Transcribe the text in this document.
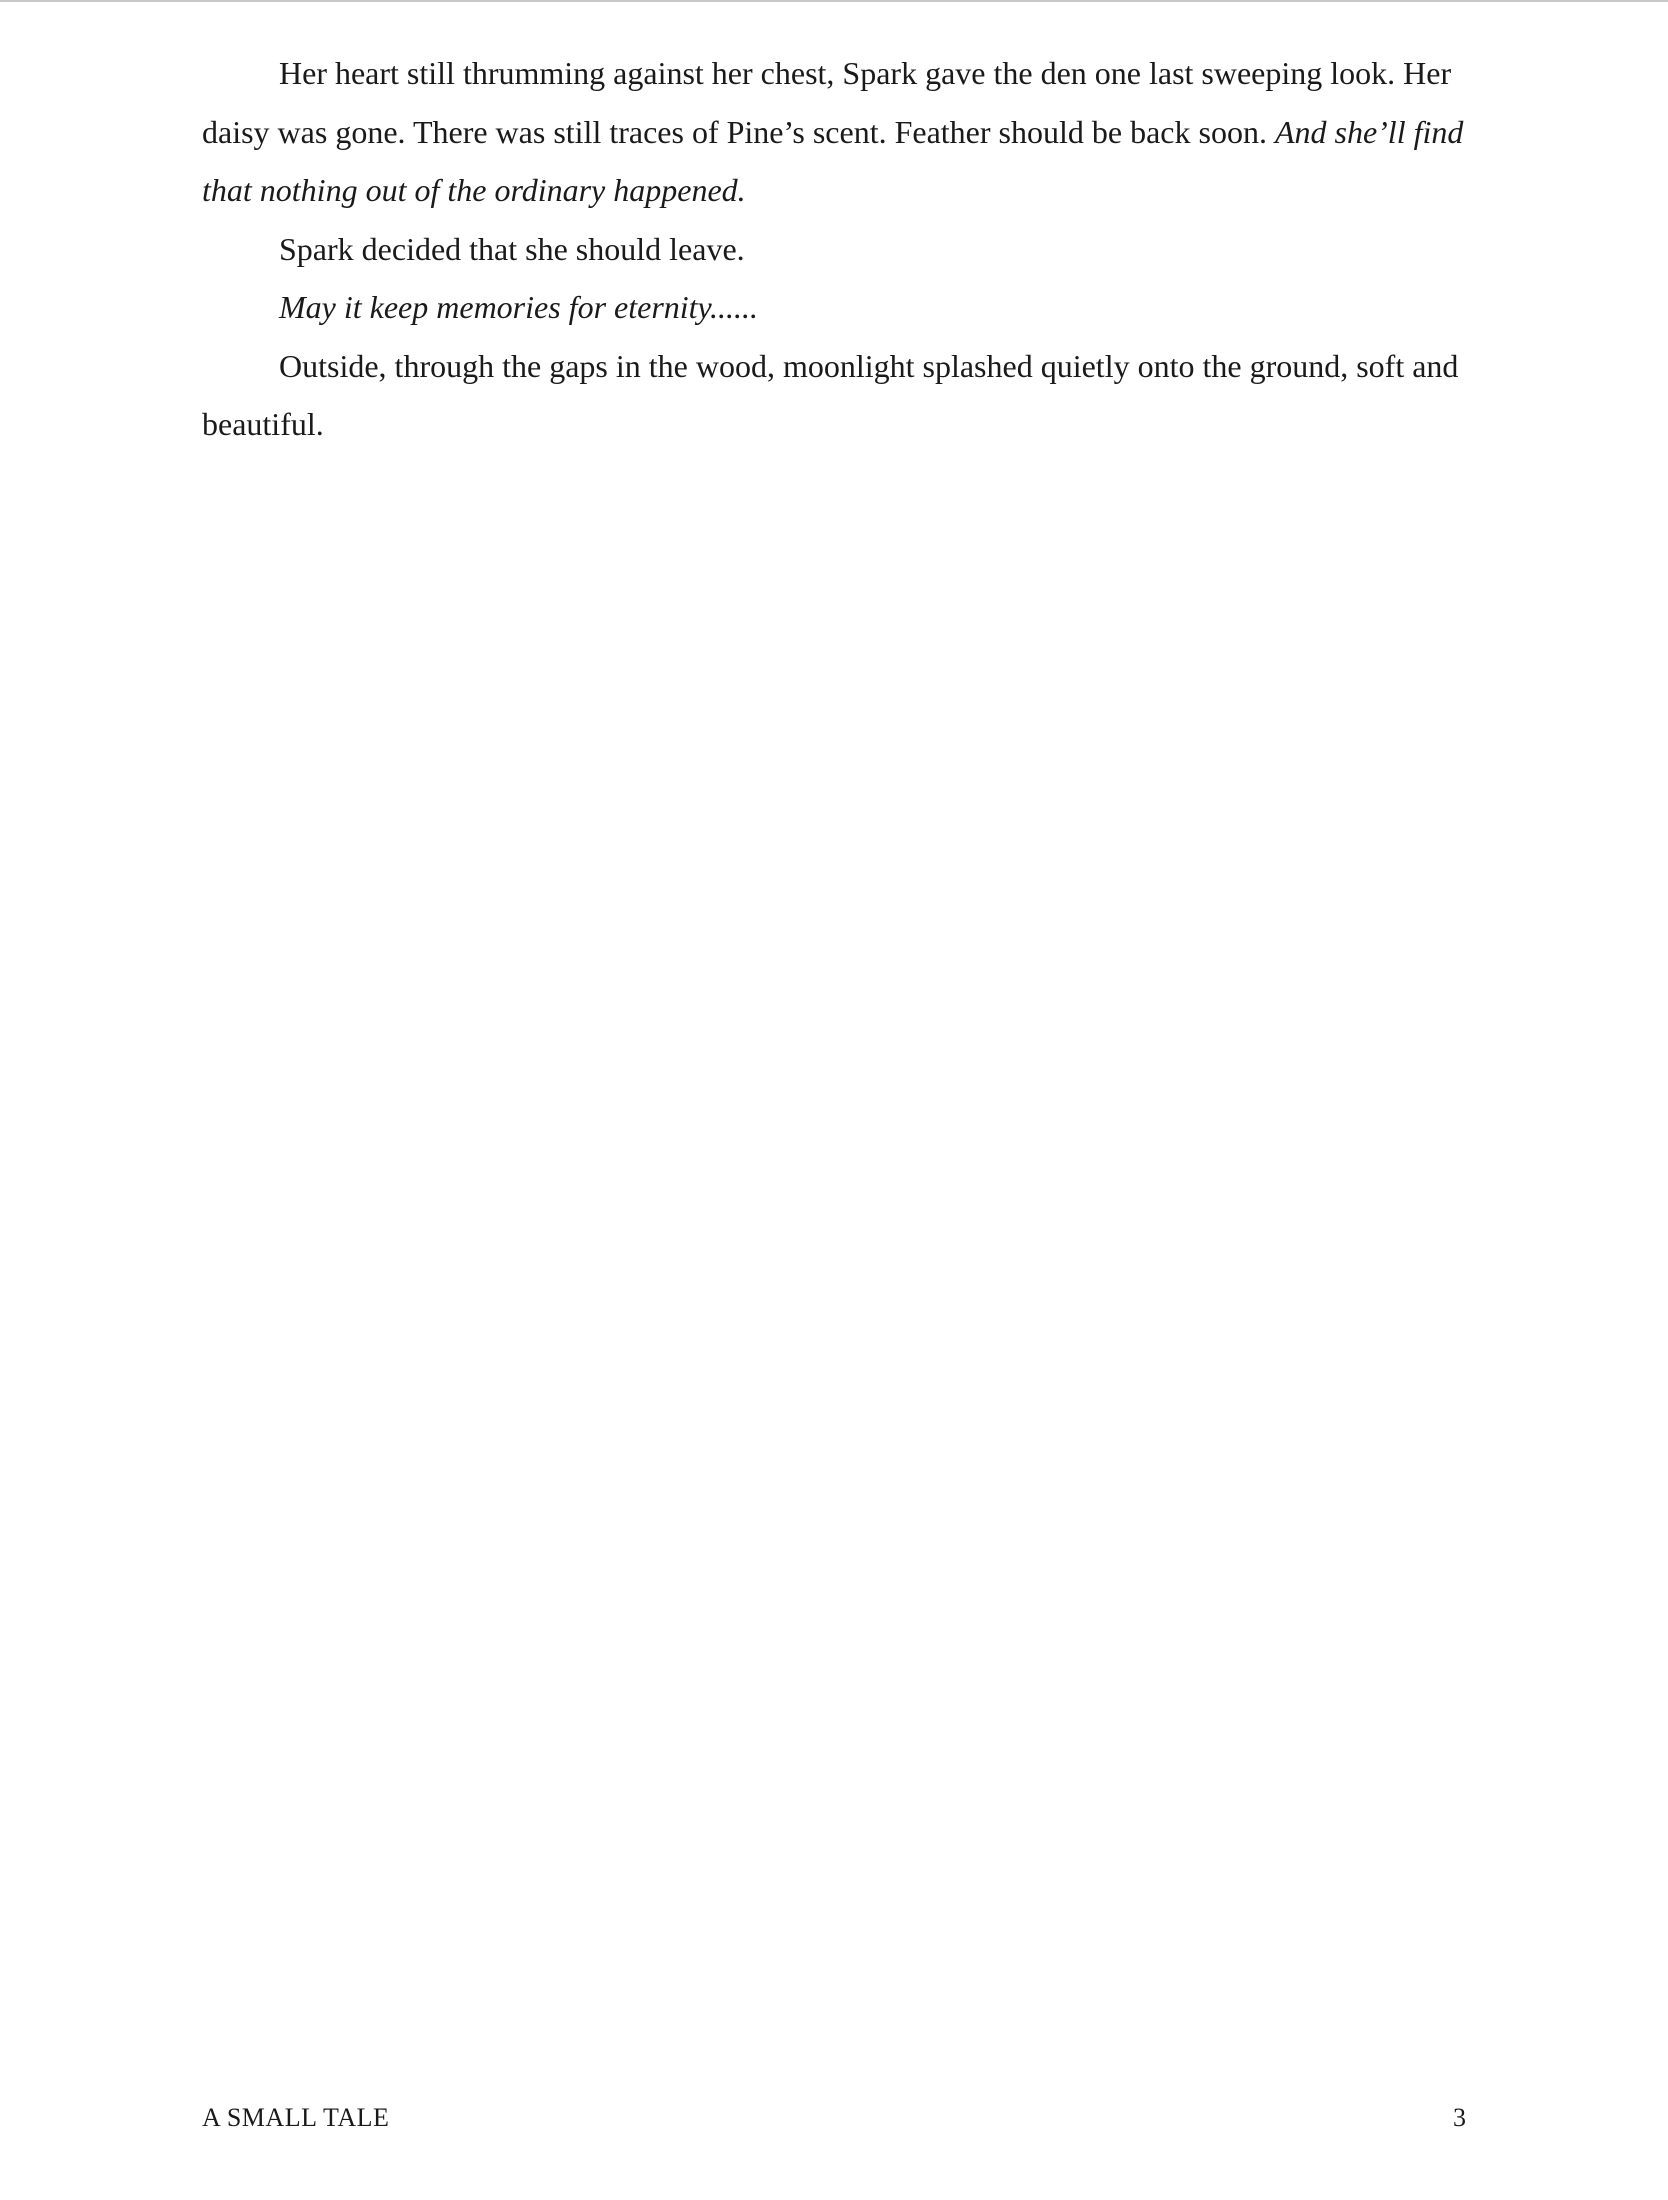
Her heart still thrumming against her chest, Spark gave the den one last sweeping look. Her daisy was gone. There was still traces of Pine’s scent. Feather should be back soon. And she’ll find that nothing out of the ordinary happened.

Spark decided that she should leave.

May it keep memories for eternity......

Outside, through the gaps in the wood, moonlight splashed quietly onto the ground, soft and beautiful.

A SMALL TALE	3
